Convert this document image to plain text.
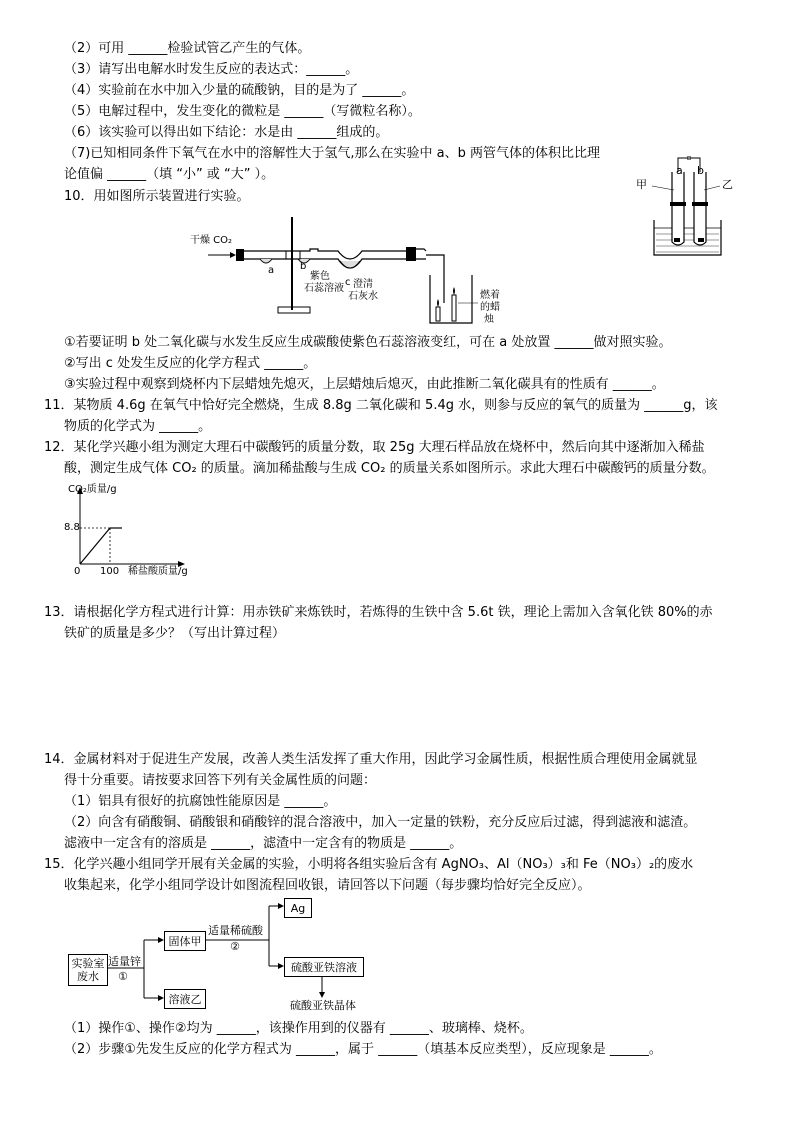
（2）可用 ______检验试管乙产生的气体。
（3）请写出电解水时发生反应的表达式：______。
（4）实验前在水中加入少量的硫酸钠，目的是为了 ______。
（5）电解过程中，发生变化的微粒是 ______（写微粒名称）。
（6）该实验可以得出如下结论：水是由 ______组成的。
（7)已知相同条件下氧气在水中的溶解性大于氢气,那么在实验中 a、b 两管气体的体积比比理
论值偏 ______（填 “小” 或 “大” ）。
甲	乙
a b
10．用如图所示装置进行实验。
干燥 CO₂
a	b
c
紫色
石蕊溶液 澄清
石灰水	燃着
的蜡
烛
①若要证明 b 处二氧化碳与水发生反应生成碳酸使紫色石蕊溶液变红，可在 a 处放置 ______做对照实验。
②写出 c 处发生反应的化学方程式 ______。
③实验过程中观察到烧杯内下层蜡烛先熄灭，上层蜡烛后熄灭，由此推断二氧化碳具有的性质有 ______。
11．某物质 4.6g 在氧气中恰好完全燃烧，生成 8.8g 二氧化碳和 5.4g 水，则参与反应的氧气的质量为 ______g，该
物质的化学式为 ______。
12．某化学兴趣小组为测定大理石中碳酸钙的质量分数，取 25g 大理石样品放在烧杯中，然后向其中逐渐加入稀盐
酸，测定生成气体 CO₂ 的质量。滴加稀盐酸与生成 CO₂ 的质量关系如图所示。求此大理石中碳酸钙的质量分数。
CO₂质量/g
稀盐酸质量/g
0 100
8.8
13．请根据化学方程式进行计算：用赤铁矿来炼铁时，若炼得的生铁中含 5.6t 铁，理论上需加入含氧化铁 80%的赤
铁矿的质量是多少？（写出计算过程）
14．金属材料对于促进生产发展，改善人类生活发挥了重大作用，因此学习金属性质，根据性质合理使用金属就显
得十分重要。请按要求回答下列有关金属性质的问题：
（1）铝具有很好的抗腐蚀性能原因是 ______。
（2）向含有硝酸铜、硝酸银和硝酸锌的混合溶液中，加入一定量的铁粉，充分反应后过滤，得到滤液和滤渣。
滤液中一定含有的溶质是 ______，滤渣中一定含有的物质是 ______。
15．化学兴趣小组同学开展有关金属的实验，小明将各组实验后含有 AgNO₃、Al（NO₃）₃和 Fe（NO₃）₂的废水
收集起来，化学小组同学设计如图流程回收银，请回答以下问题（每步骤均恰好完全反应）。
实验室
废水
适量锌
①
固体甲
溶液乙
适量稀硫酸
②
Ag
硫酸亚铁溶液
硫酸亚铁晶体
（1）操作①、操作②均为 ______，该操作用到的仪器有 ______、玻璃棒、烧杯。
（2）步骤①先发生反应的化学方程式为 ______，属于 ______（填基本反应类型），反应现象是 ______。
